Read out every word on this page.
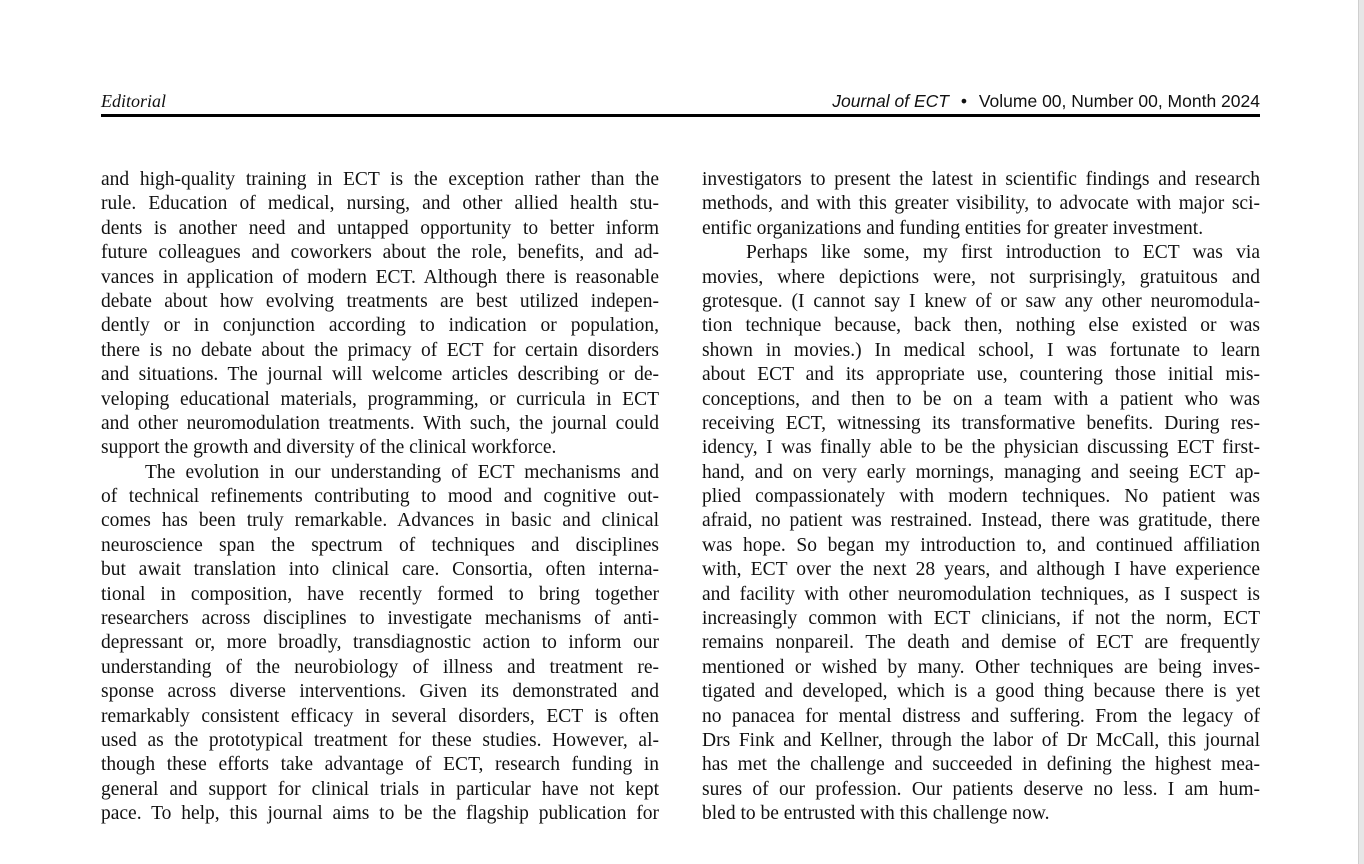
Editorial	Journal of ECT • Volume 00, Number 00, Month 2024
and high-quality training in ECT is the exception rather than the
rule. Education of medical, nursing, and other allied health stu-
dents is another need and untapped opportunity to better inform
future colleagues and coworkers about the role, benefits, and ad-
vances in application of modern ECT. Although there is reasonable
debate about how evolving treatments are best utilized indepen-
dently or in conjunction according to indication or population,
there is no debate about the primacy of ECT for certain disorders
and situations. The journal will welcome articles describing or de-
veloping educational materials, programming, or curricula in ECT
and other neuromodulation treatments. With such, the journal could
support the growth and diversity of the clinical workforce.
The evolution in our understanding of ECT mechanisms and
of technical refinements contributing to mood and cognitive out-
comes has been truly remarkable. Advances in basic and clinical
neuroscience span the spectrum of techniques and disciplines
but await translation into clinical care. Consortia, often interna-
tional in composition, have recently formed to bring together
researchers across disciplines to investigate mechanisms of anti-
depressant or, more broadly, transdiagnostic action to inform our
understanding of the neurobiology of illness and treatment re-
sponse across diverse interventions. Given its demonstrated and
remarkably consistent efficacy in several disorders, ECT is often
used as the prototypical treatment for these studies. However, al-
though these efforts take advantage of ECT, research funding in
general and support for clinical trials in particular have not kept
pace. To help, this journal aims to be the flagship publication for
investigators to present the latest in scientific findings and research
methods, and with this greater visibility, to advocate with major sci-
entific organizations and funding entities for greater investment.
Perhaps like some, my first introduction to ECT was via
movies, where depictions were, not surprisingly, gratuitous and
grotesque. (I cannot say I knew of or saw any other neuromodula-
tion technique because, back then, nothing else existed or was
shown in movies.) In medical school, I was fortunate to learn
about ECT and its appropriate use, countering those initial mis-
conceptions, and then to be on a team with a patient who was
receiving ECT, witnessing its transformative benefits. During res-
idency, I was finally able to be the physician discussing ECT first-
hand, and on very early mornings, managing and seeing ECT ap-
plied compassionately with modern techniques. No patient was
afraid, no patient was restrained. Instead, there was gratitude, there
was hope. So began my introduction to, and continued affiliation
with, ECT over the next 28 years, and although I have experience
and facility with other neuromodulation techniques, as I suspect is
increasingly common with ECT clinicians, if not the norm, ECT
remains nonpareil. The death and demise of ECT are frequently
mentioned or wished by many. Other techniques are being inves-
tigated and developed, which is a good thing because there is yet
no panacea for mental distress and suffering. From the legacy of
Drs Fink and Kellner, through the labor of Dr McCall, this journal
has met the challenge and succeeded in defining the highest mea-
sures of our profession. Our patients deserve no less. I am hum-
bled to be entrusted with this challenge now.
